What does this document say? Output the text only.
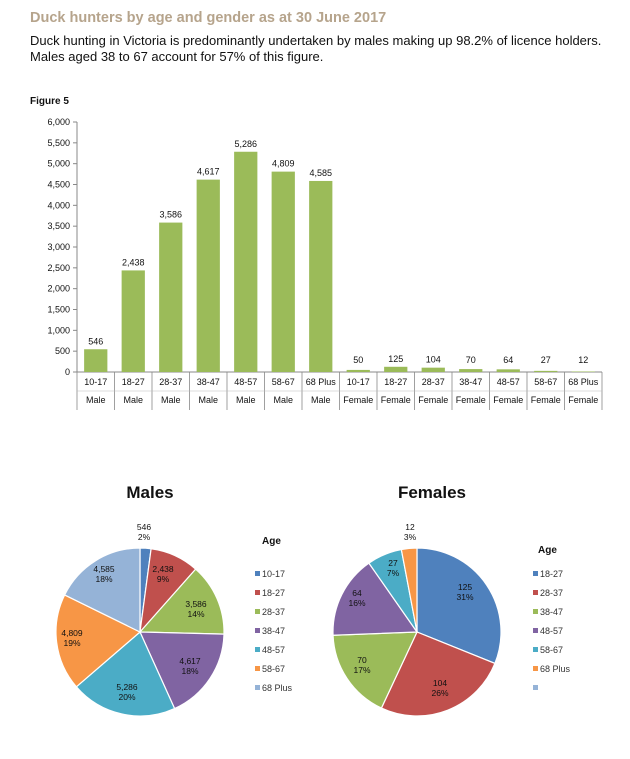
Duck hunters by age and gender as at 30 June 2017
Duck hunting in Victoria is predominantly undertaken by males making up 98.2% of licence holders. Males aged 38 to 67 account for 57% of this figure.
Figure 5
0
500
1,000
1,500
2,000
2,500
3,000
3,500
4,000
4,500
5,000
5,500
6,000
546
10-17
Male
2,438
18-27
Male
3,586
28-37
Male
4,617
38-47
Male
5,286
48-57
Male
4,809
58-67
Male
4,585
68 Plus
Male
50
10-17
Female
125
18-27
Female
104
28-37
Female
70
38-47
Female
64
48-57
Female
27
58-67
Female
12
68 Plus
Female
Males
546
2%
2,438
9%
3,586
14%
4,617
18%
5,286
20%
4,809
19%
4,585
18%
Age
10-17
18-27
28-37
38-47
48-57
58-67
68 Plus
Females
125
31%
104
26%
70
17%
64
16%
27
7%
12
3%
Age
18-27
28-37
38-47
48-57
58-67
68 Plus
